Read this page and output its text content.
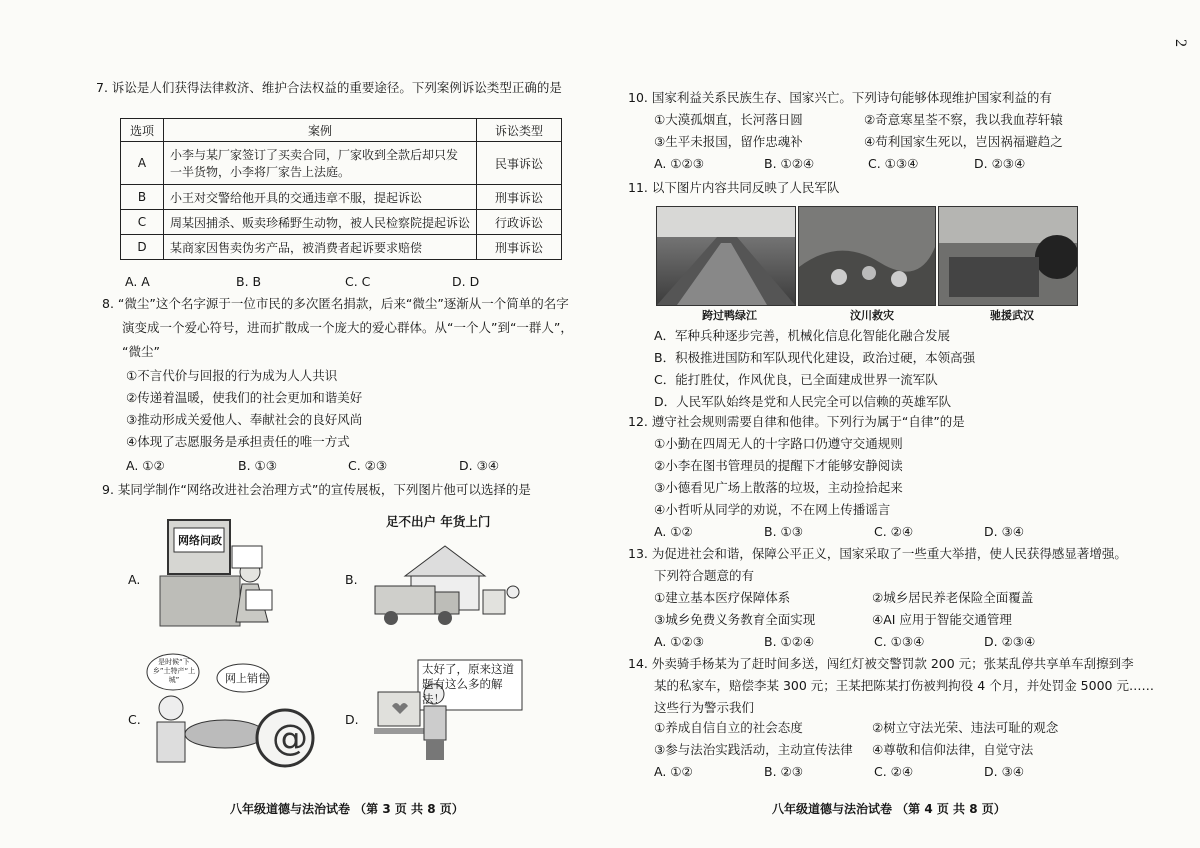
2
7. 诉讼是人们获得法律救济、维护合法权益的重要途径。下列案例诉讼类型正确的是
选项	案例	诉讼类型
A	小李与某厂家签订了买卖合同，厂家收到全款后却只发
一半货物，小李将厂家告上法庭。	民事诉讼
B	小王对交警给他开具的交通违章不服，提起诉讼	刑事诉讼
C	周某因捕杀、贩卖珍稀野生动物，被人民检察院提起诉讼	行政诉讼
D	某商家因售卖伪劣产品，被消费者起诉要求赔偿	刑事诉讼
A. A	B. B	C. C	D. D
8. “微尘”这个名字源于一位市民的多次匿名捐款，后来“微尘”逐渐从一个简单的名字
演变成一个爱心符号，进而扩散成一个庞大的爱心群体。从“一个人”到“一群人”，
“微尘”
①不言代价与回报的行为成为人人共识
②传递着温暖，使我们的社会更加和谐美好
③推动形成关爱他人、奉献社会的良好风尚
④体现了志愿服务是承担责任的唯一方式
A. ①②	B. ①③	C. ②③	D. ③④
9. 某同学制作“网络改进社会治理方式”的宣传展板，下列图片他可以选择的是
A.
网络问政
B.
足不出户 年货上门
C.	@
是时候“下乡”土特产“上城”	网上销售
D.
太好了，原来这道题有这么多的解法！
八年级道德与法治试卷 （第 3 页 共 8 页）
10. 国家利益关系民族生存、国家兴亡。下列诗句能够体现维护国家利益的有
①大漠孤烟直，长河落日圆	②奇意寒星荃不察，我以我血荐轩辕
③生平未报国，留作忠魂补	④苟利国家生死以，岂因祸福避趋之
A. ①②③	B. ①②④	C. ①③④	D. ②③④
11. 以下图片内容共同反映了人民军队
跨过鸭绿江	汶川救灾	驰援武汉
A．军种兵种逐步完善，机械化信息化智能化融合发展
B．积极推进国防和军队现代化建设，政治过硬，本领高强
C．能打胜仗，作风优良，已全面建成世界一流军队
D．人民军队始终是党和人民完全可以信赖的英雄军队
12. 遵守社会规则需要自律和他律。下列行为属于“自律”的是
①小勤在四周无人的十字路口仍遵守交通规则
②小李在图书管理员的提醒下才能够安静阅读
③小德看见广场上散落的垃圾，主动捡拾起来
④小哲听从同学的劝说，不在网上传播谣言
A. ①②	B. ①③	C. ②④	D. ③④
13. 为促进社会和谐，保障公平正义，国家采取了一些重大举措，使人民获得感显著增强。
下列符合题意的有
①建立基本医疗保障体系	②城乡居民养老保险全面覆盖
③城乡免费义务教育全面实现	④AI 应用于智能交通管理
A. ①②③	B. ①②④	C. ①③④	D. ②③④
14. 外卖骑手杨某为了赶时间多送，闯红灯被交警罚款 200 元；张某乱停共享单车刮擦到李
某的私家车，赔偿李某 300 元；王某把陈某打伤被判拘役 4 个月，并处罚金 5000 元……
这些行为警示我们
①养成自信自立的社会态度	②树立守法光荣、违法可耻的观念
③参与法治实践活动，主动宣传法律 ④尊敬和信仰法律，自觉守法
A. ①②	B. ②③	C. ②④	D. ③④
八年级道德与法治试卷 （第 4 页 共 8 页）
